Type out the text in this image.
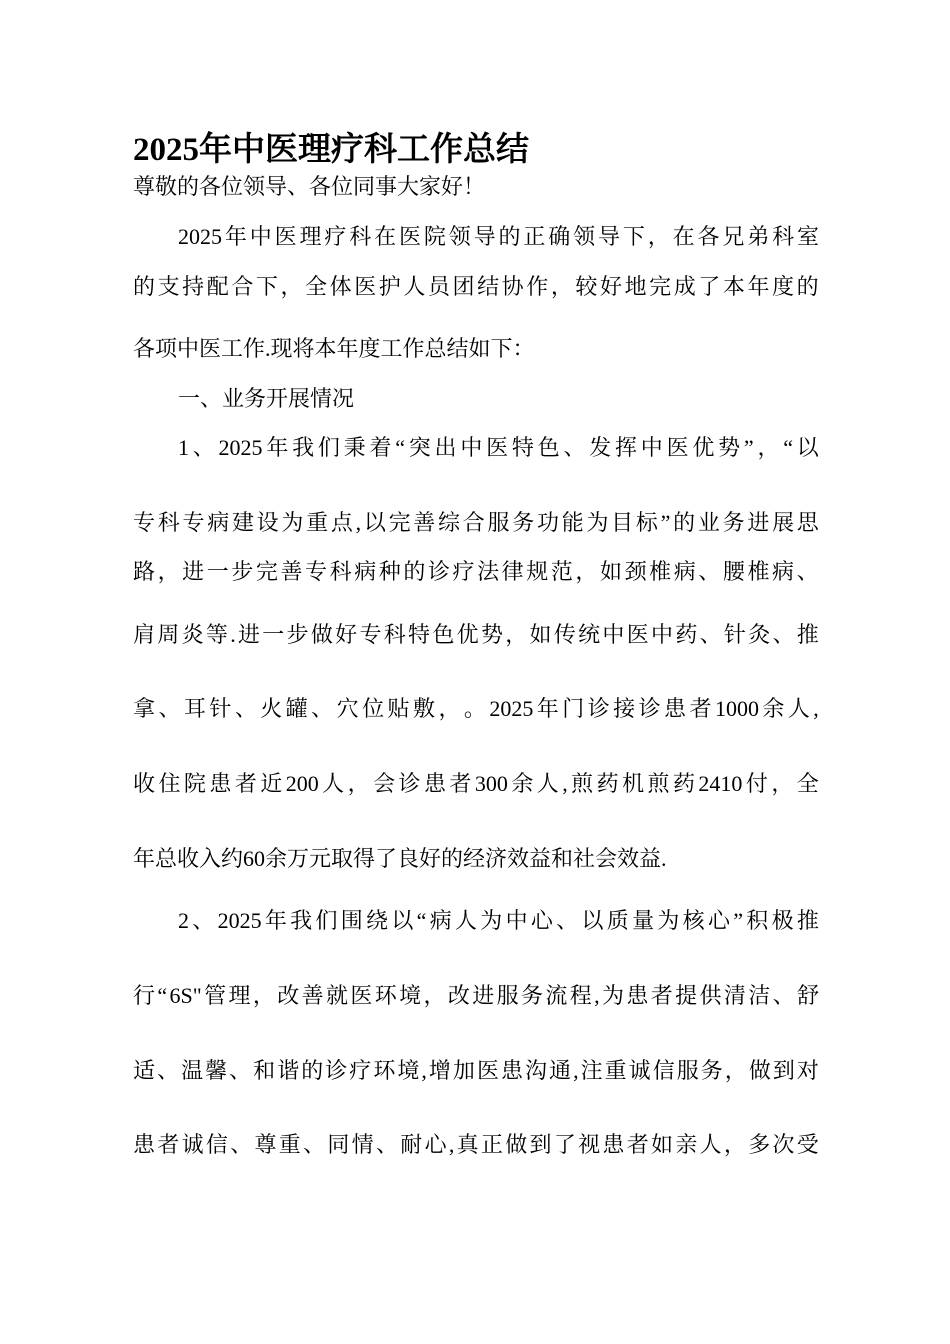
2025年中医理疗科工作总结
尊敬的各位领导、各位同事大家好！
2025 年 中 医 理 疗 科 在 医 院 领 导 的 正 确 领 导 下 ， 在 各 兄 弟 科 室
的 支 持 配 合 下 ， 全 体 医 护 人 员 团 结 协 作 ， 较 好 地 完 成 了 本 年 度 的
各项中医工作.现将本年度工作总结如下：
一、业务开展情况
1 、 2025 年 我 们 秉 着 “ 突 出 中 医 特 色 、 发 挥 中 医 优 势 ” ， “ 以
专 科 专 病 建 设 为 重 点 , 以 完 善 综 合 服 务 功 能 为 目 标 ” 的 业 务 进 展 思
路 ， 进 一 步 完 善 专 科 病 种 的 诊 疗 法 律 规 范 ， 如 颈 椎 病 、 腰 椎 病 、
肩 周 炎 等 . 进 一 步 做 好 专 科 特 色 优 势 ， 如 传 统 中 医 中 药 、 针 灸 、 推
拿 、 耳 针 、 火 罐 、 穴 位 贴 敷 ， 。 2025 年 门 诊 接 诊 患 者 1000 余 人 ,
收 住 院 患 者 近 200 人 ， 会 诊 患 者 300 余 人 , 煎 药 机 煎 药 2410 付 ， 全
年总收入约60余万元取得了良好的经济效益和社会效益.
2 、 2025 年 我 们 围 绕 以 “ 病 人 为 中 心 、 以 质 量 为 核 心 ” 积 极 推
行 “ 6S" 管 理 ， 改 善 就 医 环 境 ， 改 进 服 务 流 程 , 为 患 者 提 供 清 洁 、 舒
适 、 温 馨 、 和 谐 的 诊 疗 环 境 , 增 加 医 患 沟 通 , 注 重 诚 信 服 务 ， 做 到 对
患 者 诚 信 、 尊 重 、 同 情 、 耐 心 , 真 正 做 到 了 视 患 者 如 亲 人 ， 多 次 受
